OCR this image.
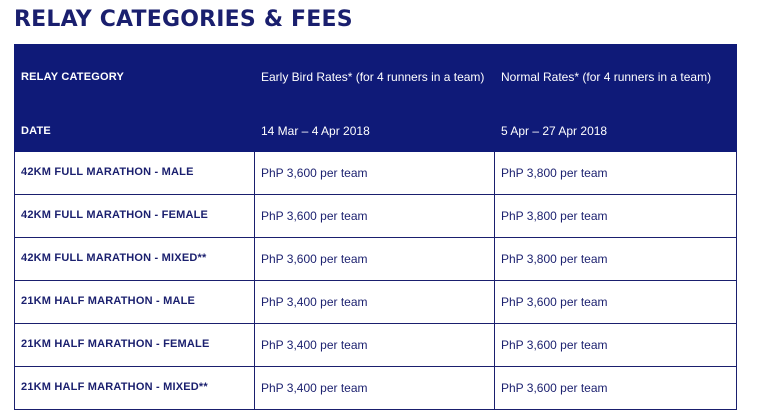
RELAY CATEGORIES & FEES
RELAY CATEGORY	Early Bird Rates* (for 4 runners in a team)	Normal Rates* (for 4 runners in a team)
DATE	14 Mar – 4 Apr 2018	5 Apr – 27 Apr 2018
42KM FULL MARATHON - MALE	PhP 3,600 per team	PhP 3,800 per team
42KM FULL MARATHON - FEMALE	PhP 3,600 per team	PhP 3,800 per team
42KM FULL MARATHON - MIXED**	PhP 3,600 per team	PhP 3,800 per team
21KM HALF MARATHON - MALE	PhP 3,400 per team	PhP 3,600 per team
21KM HALF MARATHON - FEMALE	PhP 3,400 per team	PhP 3,600 per team
21KM HALF MARATHON - MIXED**	PhP 3,400 per team	PhP 3,600 per team
